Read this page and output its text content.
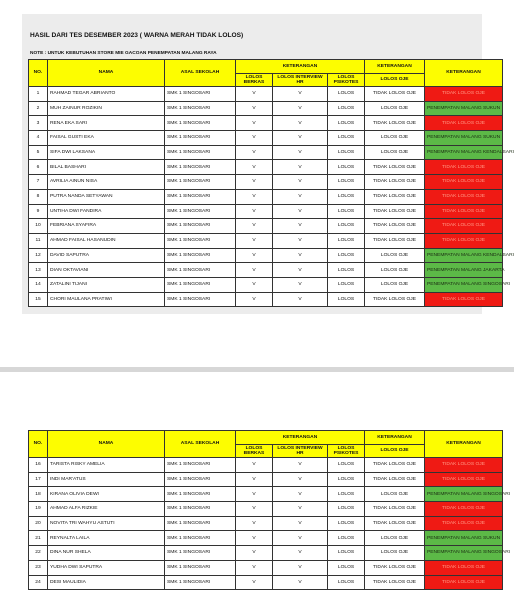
HASIL DARI TES DESEMBER 2023 ( WARNA MERAH TIDAK LOLOS)
NOTE : UNTUK KEBUTUHAN STORE MIE GACOAN PENEMPATAN MALANG RAYA
NO.	NAMA	ASAL SEKOLAH	KETERANGAN			KETERANGAN	KETERANGAN
			LOLOS BERKAS	LOLOS INTERVIEW HR	LOLOS PSIKOTES	LOLOS OJE	
1	RAHMAD TEGAR ABRIANTO	SMK 1 SINGOSARI	V	V	LOLOS	TIDAK LOLOS OJE	TIDAK LOLOS OJE
2	MUH ZAINUR ROZIKIN	SMK 1 SINGOSARI	V	V	LOLOS	LOLOS OJE	PENEMPATAN MALANG SUKUN
3	RENA EKA SARI	SMK 1 SINGOSARI	V	V	LOLOS	TIDAK LOLOS OJE	TIDAK LOLOS OJE
4	FAISAL GUSTI EKA	SMK 1 SINGOSARI	V	V	LOLOS	LOLOS OJE	PENEMPATAN MALANG SUKUN
5	SIFA DWI LAKSANA	SMK 1 SINGOSARI	V	V	LOLOS	LOLOS OJE	PENEMPATAN MALANG KENDALSARI
6	BILAL BASHARI	SMK 1 SINGOSARI	V	V	LOLOS	TIDAK LOLOS OJE	TIDAK LOLOS OJE
7	AVRILIA AINUN NISA	SMK 1 SINGOSARI	V	V	LOLOS	TIDAK LOLOS OJE	TIDAK LOLOS OJE
8	PUTRA NANDA SETYAWAN	SMK 1 SINGOSARI	V	V	LOLOS	TIDAK LOLOS OJE	TIDAK LOLOS OJE
9	UNTIHA DWI FANDIRA	SMK 1 SINGOSARI	V	V	LOLOS	TIDAK LOLOS OJE	TIDAK LOLOS OJE
10	FEBRIANA SYAFIRA	SMK 1 SINGOSARI	V	V	LOLOS	TIDAK LOLOS OJE	TIDAK LOLOS OJE
11	AHMAD FAISAL HASANUDIN	SMK 1 SINGOSARI	V	V	LOLOS	TIDAK LOLOS OJE	TIDAK LOLOS OJE
12	DAVID SAPUTRA	SMK 1 SINGOSARI	V	V	LOLOS	LOLOS OJE	PENEMPATAN MALANG KENDALSARI
13	DIAN OKTAVIANI	SMK 1 SINGOSARI	V	V	LOLOS	LOLOS OJE	PENEMPATAN MALANG JAKARTA
14	ZATALINI TIJANI	SMK 1 SINGOSARI	V	V	LOLOS	LOLOS OJE	PENEMPATAN MALANG SINGOSARI
15	CHORI MAULANA PRATIWI	SMK 1 SINGOSARI	V	V	LOLOS	TIDAK LOLOS OJE	TIDAK LOLOS OJE
NO.	NAMA	ASAL SEKOLAH	KETERANGAN			KETERANGAN	KETERANGAN
			LOLOS BERKAS	LOLOS INTERVIEW HR	LOLOS PSIKOTES	LOLOS OJE	
16	TARISTA RISKY AMELIA	SMK 1 SINGOSARI	V	V	LOLOS	TIDAK LOLOS OJE	TIDAK LOLOS OJE
17	INDI MAR'ATUS	SMK 1 SINGOSARI	V	V	LOLOS	TIDAK LOLOS OJE	TIDAK LOLOS OJE
18	KIRANA OLIVIA DEWI	SMK 1 SINGOSARI	V	V	LOLOS	LOLOS OJE	PENEMPATAN MALANG SINGOSARI
19	AHMAD ALFA RIZKIE	SMK 1 SINGOSARI	V	V	LOLOS	TIDAK LOLOS OJE	TIDAK LOLOS OJE
20	NOVITA TRI WAHYU ASTUTI	SMK 1 SINGOSARI	V	V	LOLOS	TIDAK LOLOS OJE	TIDAK LOLOS OJE
21	REYNALTA LAILA	SMK 1 SINGOSARI	V	V	LOLOS	LOLOS OJE	PENEMPATAN MALANG SUKUN
22	DINA NUR SHELA	SMK 1 SINGOSARI	V	V	LOLOS	LOLOS OJE	PENEMPATAN MALANG SINGOSARI
23	YUDHA DWI SAPUTRA	SMK 1 SINGOSARI	V	V	LOLOS	TIDAK LOLOS OJE	TIDAK LOLOS OJE
24	DESI MAULIDIA	SMK 1 SINGOSARI	V	V	LOLOS	TIDAK LOLOS OJE	TIDAK LOLOS OJE
